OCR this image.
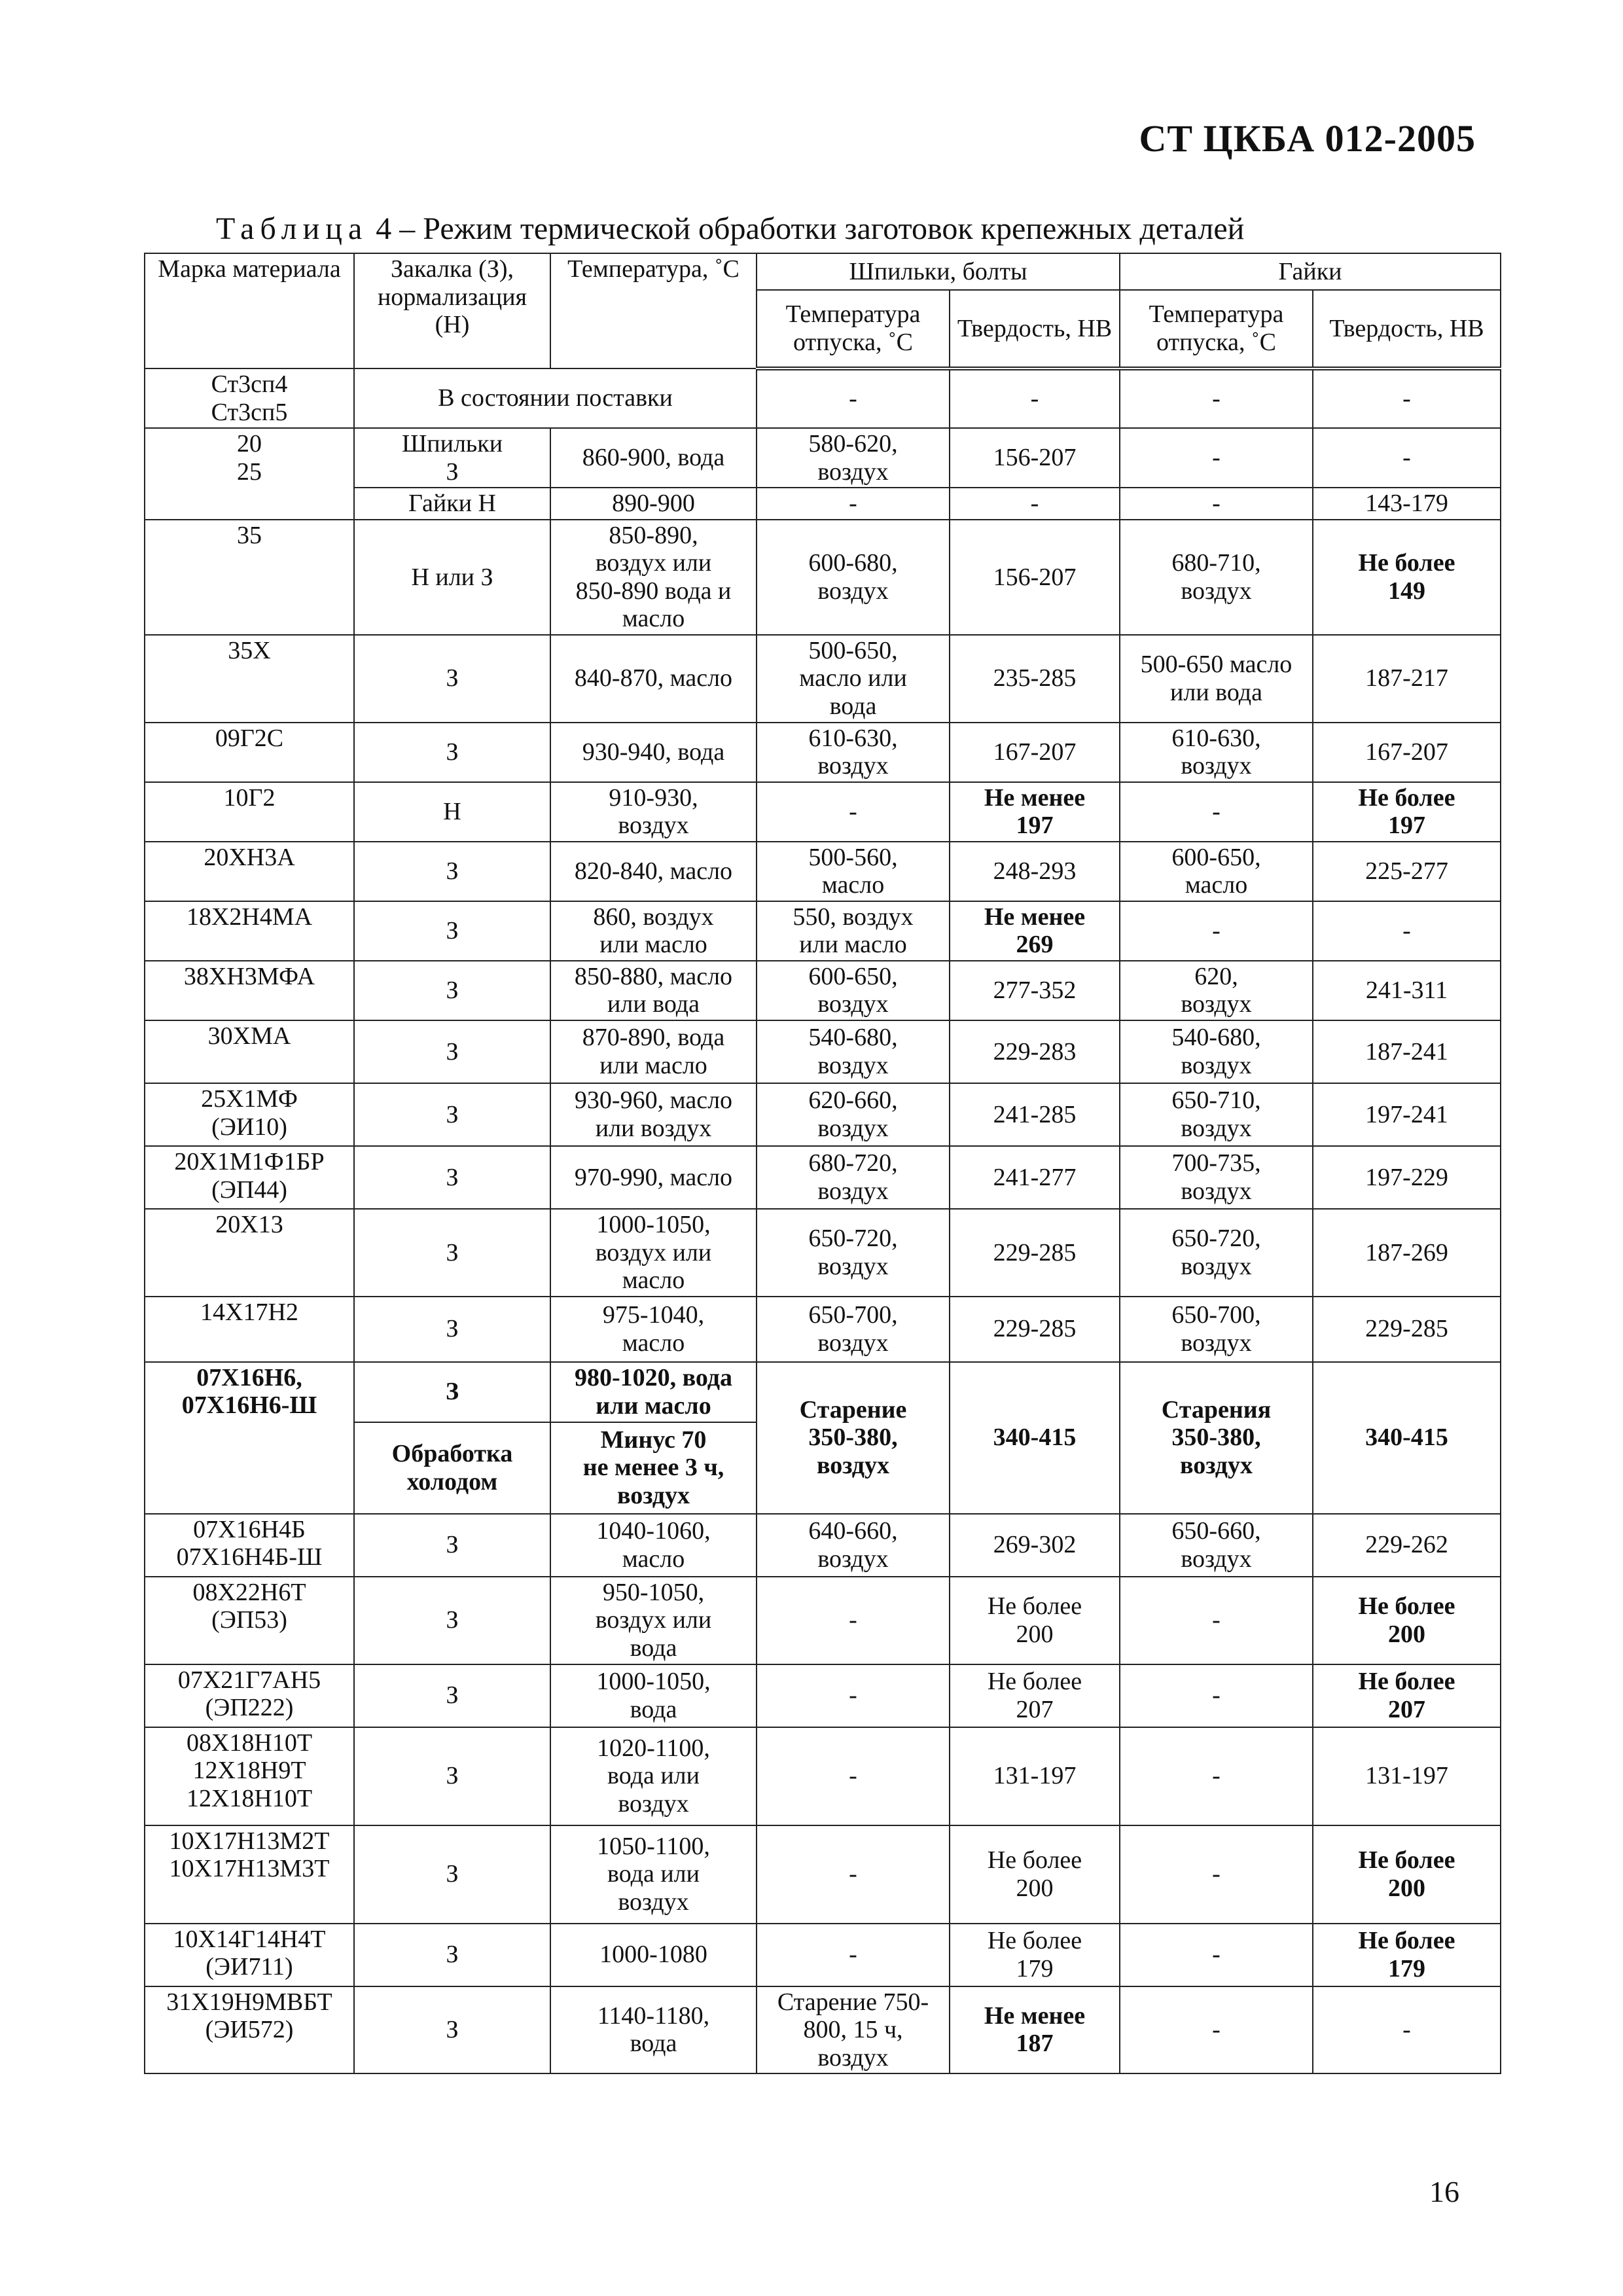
СТ ЦКБА 012-2005
Таблица 4 – Режим термической обработки заготовок крепежных деталей
Марка материала	Закалка (З), нормализация (Н)	Температура, ˚С	Шпильки, болты		Гайки	
			Температура отпуска, ˚С	Твердость, НВ	Температура отпуска, ˚С	Твердость, НВ
Ст3сп4
Ст3сп5	В состоянии поставки		-	-	-	-
20
25	Шпильки
З	860-900, вода	580-620,
воздух	156-207	-	-
	Гайки Н	890-900	-	-	-	143-179
35	Н или З	850-890,
воздух или
850-890 вода и
масло	600-680,
воздух	156-207	680-710,
воздух	Не более
149
35Х	З	840-870, масло	500-650,
масло или
вода	235-285	500-650 масло
или вода	187-217
09Г2С	З	930-940, вода	610-630,
воздух	167-207	610-630,
воздух	167-207
10Г2	Н	910-930,
воздух	-	Не менее
197	-	Не более
197
20ХН3А	З	820-840, масло	500-560,
масло	248-293	600-650,
масло	225-277
18Х2Н4МА	З	860, воздух
или масло	550, воздух
или масло	Не менее
269	-	-
38ХН3МФА	З	850-880, масло
или вода	600-650,
воздух	277-352	620,
воздух	241-311
30ХМА	З	870-890, вода
или масло	540-680,
воздух	229-283	540-680,
воздух	187-241
25Х1МФ
(ЭИ10)	З	930-960, масло
или воздух	620-660,
воздух	241-285	650-710,
воздух	197-241
20Х1М1Ф1БР
(ЭП44)	З	970-990, масло	680-720,
воздух	241-277	700-735,
воздух	197-229
20Х13	З	1000-1050,
воздух или
масло	650-720,
воздух	229-285	650-720,
воздух	187-269
14Х17Н2	З	975-1040,
масло	650-700,
воздух	229-285	650-700,
воздух	229-285
07Х16Н6,
07Х16Н6-Ш	З	980-1020, вода
или масло	Старение
350-380,
воздух	340-415	Старения
350-380,
воздух	340-415
	Обработка
холодом	Минус 70
не менее 3 ч,
воздух				
07Х16Н4Б
07Х16Н4Б-Ш	З	1040-1060,
масло	640-660,
воздух	269-302	650-660,
воздух	229-262
08Х22Н6Т
(ЭП53)	З	950-1050,
воздух или
вода	-	Не более
200	-	Не более
200
07Х21Г7АН5
(ЭП222)	З	1000-1050,
вода	-	Не более
207	-	Не более
207
08Х18Н10Т
12Х18Н9Т
12Х18Н10Т	З	1020-1100,
вода или
воздух	-	131-197	-	131-197
10Х17Н13М2Т
10Х17Н13М3Т	З	1050-1100,
вода или
воздух	-	Не более
200	-	Не более
200
10Х14Г14Н4Т
(ЭИ711)	З	1000-1080	-	Не более
179	-	Не более
179
31Х19Н9МВБТ
(ЭИ572)	З	1140-1180,
вода	Старение 750-
800, 15 ч,
воздух	Не менее
187	-	-
16
